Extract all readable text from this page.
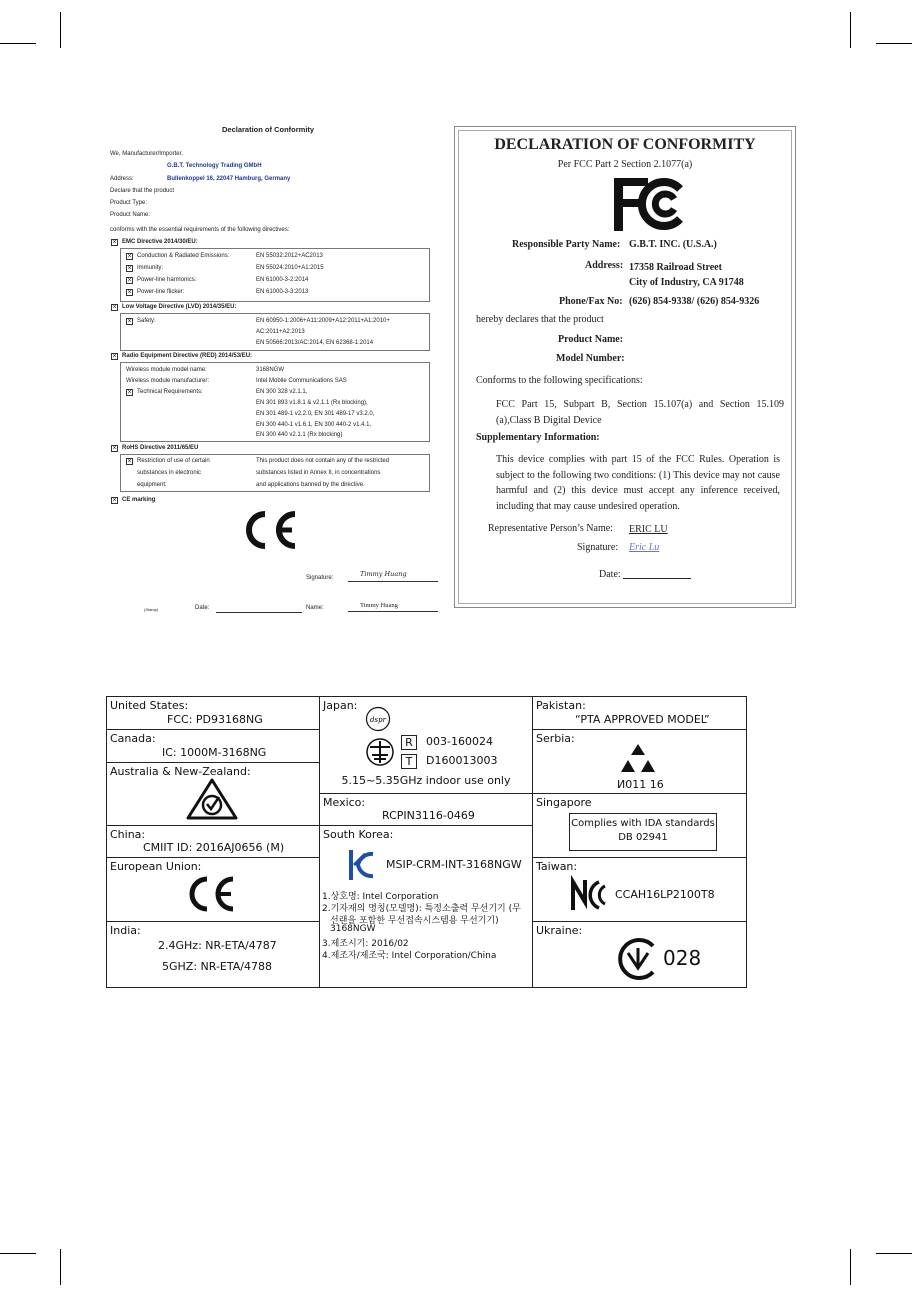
Declaration of Conformity
We, Manufacturer/Importer,
G.B.T. Technology Trading GMbH
Address:	Bullenkoppel 16, 22047 Hamburg, Germany
Declare that the product
Product Type:
Product Name:
conforms with the essential requirements of the following directives:
×
EMC Directive 2014/30/EU:
×
Conduction & Radiated Emissions:	EN 55032:2012+AC2013
×
Immunity:	EN 55024:2010+A1:2015
×
Power-line harmonics:	EN 61000-3-2:2014
×
Power-line flicker:	EN 61000-3-3:2013
×
Low Voltage Directive (LVD) 2014/35/EU:
×
Safety:	EN 60950-1:2006+A11:2009+A12:2011+A1:2010+
AC:2011+A2:2013
EN 50566:2013/AC:2014, EN 62368-1:2014
×
Radio Equipment Directive (RED) 2014/53/EU:
Wireless module model name:	3168NGW
Wireless module manufacturer:	Intel Mobile Communications SAS
×
Technical Requirements:	EN 300 328 v2.1.1,
EN 301 893 v1.8.1 & v2.1.1 (Rx blocking),
EN 301 489-1 v2.2.0, EN 301 489-17 v3.2.0,
EN 300 440-1 v1.6.1, EN 300 440-2 v1.4.1,
EN 300 440 v2.1.1 (Rx blocking)
×
RoHS Directive 2011/65/EU
×
Restriction of use of certain
substances in electronic
equipment:
This product does not contain any of the restricted
substances listed in Annex II, in concentrations
and applications banned by the directive.
×
CE marking
Signature:	Timmy Huang
(Stamp)	Date:	Name:	Timmy Huang
DECLARATION OF CONFORMITY
Per FCC Part 2 Section 2.1077(a)
Responsible Party Name: G.B.T. INC. (U.S.A.)
Address: 17358 Railroad Street
City of Industry, CA 91748
Phone/Fax No: (626) 854-9338/ (626) 854-9326
hereby declares that the product
Product Name:
Model Number:
Conforms to the following specifications:
FCC Part 15, Subpart B, Section 15.107(a) and Section 15.109 (a),Class B Digital Device
Supplementary Information:
This device complies with part 15 of the FCC Rules. Operation is subject to the following two conditions: (1) This device may not cause harmful and (2) this device must accept any inference received, including that may cause undesired operation.
Representative Person’s Name: ERIC LU
Signature: Eric Lu
Date:
United States:
FCC: PD93168NG
Canada:
IC: 1000M-3168NG
Australia & New-Zealand:
China:
CMIIT ID: 2016AJ0656 (M)
European Union:
India:
2.4GHz: NR-ETA/4787
5GHZ: NR-ETA/4788
Japan:
dspr
R	003-160024
T	D160013003
5.15~5.35GHz indoor use only
Mexico:
RCPIN3116-0469
South Korea:
MSIP-CRM-INT-3168NGW
1.상호명: Intel Corporation
2.기자재의 명칭(모델명): 특정소출력 무선기기 (무
선랜을 포함한 무선접속시스템용 무선기기)
3168NGW
3.제조시기: 2016/02
4.제조자/제조국: Intel Corporation/China
Pakistan:
“PTA APPROVED MODEL”
Serbia:
И011 16
Singapore
Complies with IDA standards
DB 02941
Taiwan:
CCAH16LP2100T8
Ukraine:
028
